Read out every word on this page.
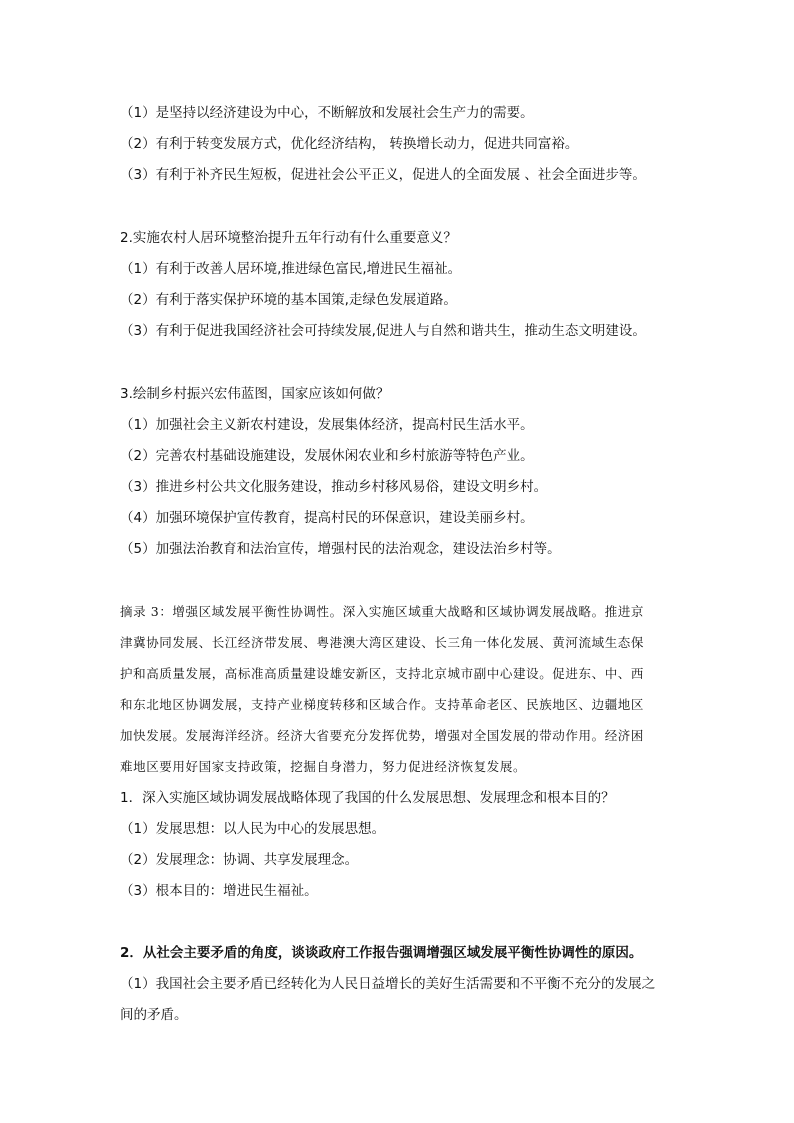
（1）是坚持以经济建设为中心，不断解放和发展社会生产力的需要。

（2）有利于转变发展方式，优化经济结构， 转换增长动力，促进共同富裕。

（3）有利于补齐民生短板，促进社会公平正义，促进人的全面发展 、社会全面进步等。

2.实施农村人居环境整治提升五年行动有什么重要意义？

（1）有利于改善人居环境,推进绿色富民,增进民生福祉。

（2）有利于落实保护环境的基本国策,走绿色发展道路。

（3）有利于促进我国经济社会可持续发展,促进人与自然和谐共生，推动生态文明建设。

3.绘制乡村振兴宏伟蓝图，国家应该如何做？

（1）加强社会主义新农村建设，发展集体经济，提高村民生活水平。

（2）完善农村基础设施建设，发展休闲农业和乡村旅游等特色产业。

（3）推进乡村公共文化服务建设，推动乡村移风易俗，建设文明乡村。

（4）加强环境保护宣传教育，提高村民的环保意识，建设美丽乡村。

（5）加强法治教育和法治宣传，增强村民的法治观念，建设法治乡村等。

摘录 3：增强区域发展平衡性协调性。深入实施区域重大战略和区域协调发展战略。推进京

津冀协同发展、长江经济带发展、粤港澳大湾区建设、长三角一体化发展、黄河流域生态保

护和高质量发展，高标准高质量建设雄安新区，支持北京城市副中心建设。促进东、中、西

和东北地区协调发展，支持产业梯度转移和区域合作。支持革命老区、民族地区、边疆地区

加快发展。发展海洋经济。经济大省要充分发挥优势，增强对全国发展的带动作用。经济困

难地区要用好国家支持政策，挖掘自身潜力，努力促进经济恢复发展。

1．深入实施区域协调发展战略体现了我国的什么发展思想、发展理念和根本目的？

（1）发展思想：以人民为中心的发展思想。

（2）发展理念：协调、共享发展理念。

（3）根本目的：增进民生福祉。

2．从社会主要矛盾的角度，谈谈政府工作报告强调增强区域发展平衡性协调性的原因。

（1）我国社会主要矛盾已经转化为人民日益增长的美好生活需要和不平衡不充分的发展之

间的矛盾。
